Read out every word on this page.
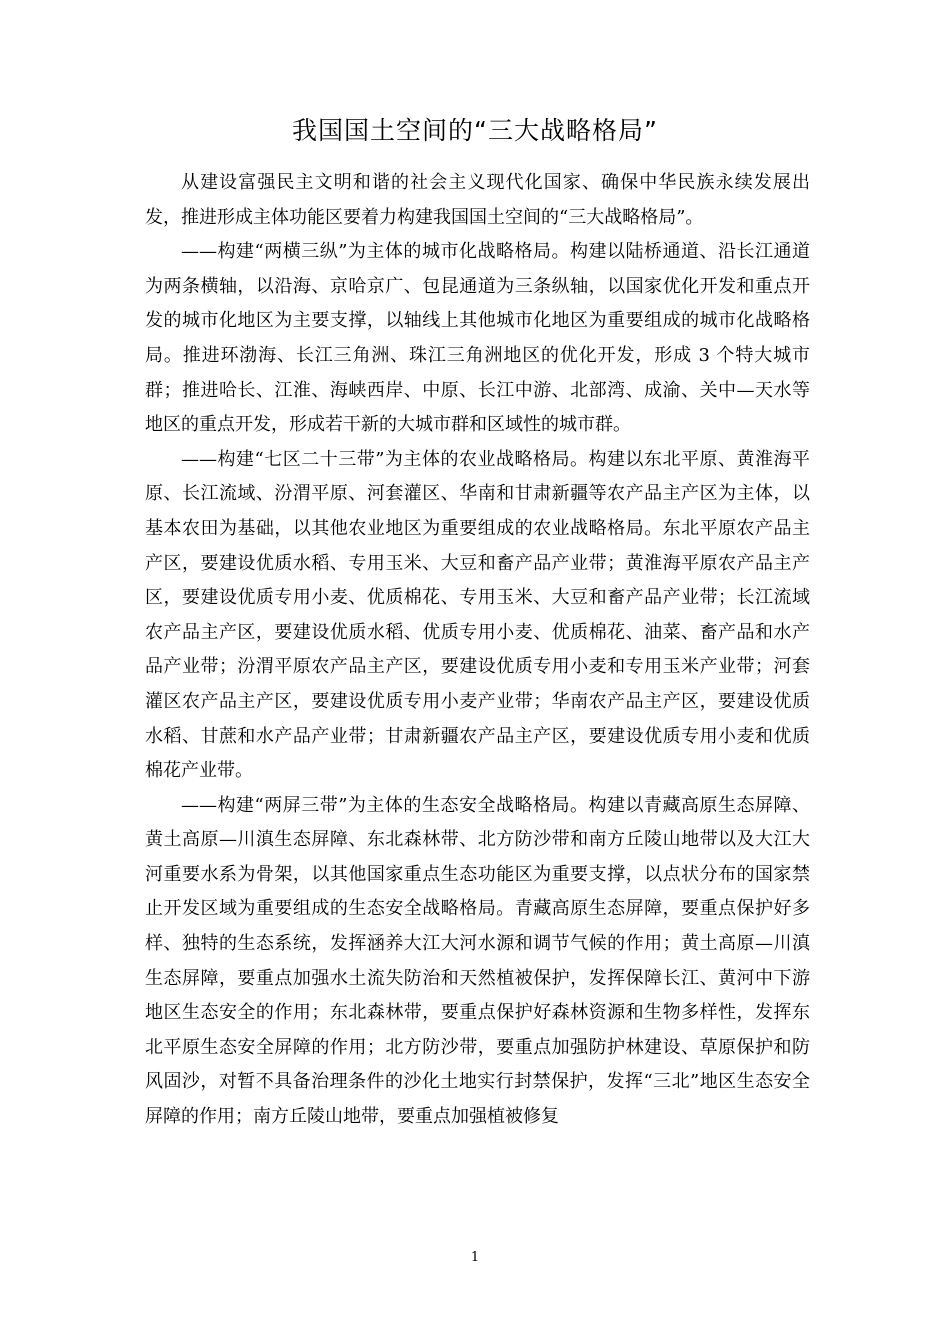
我国国土空间的“三大战略格局”

从建设富强民主文明和谐的社会主义现代化国家、确保中华民族永续发展出发，推进形成主体功能区要着力构建我国国土空间的“三大战略格局”。

——构建“两横三纵”为主体的城市化战略格局。构建以陆桥通道、沿长江通道为两条横轴，以沿海、京哈京广、包昆通道为三条纵轴，以国家优化开发和重点开发的城市化地区为主要支撑，以轴线上其他城市化地区为重要组成的城市化战略格局。推进环渤海、长江三角洲、珠江三角洲地区的优化开发，形成 3 个特大城市群；推进哈长、江淮、海峡西岸、中原、长江中游、北部湾、成渝、关中—天水等地区的重点开发，形成若干新的大城市群和区域性的城市群。

——构建“七区二十三带”为主体的农业战略格局。构建以东北平原、黄淮海平原、长江流域、汾渭平原、河套灌区、华南和甘肃新疆等农产品主产区为主体，以基本农田为基础，以其他农业地区为重要组成的农业战略格局。东北平原农产品主产区，要建设优质水稻、专用玉米、大豆和畜产品产业带；黄淮海平原农产品主产区，要建设优质专用小麦、优质棉花、专用玉米、大豆和畜产品产业带；长江流域农产品主产区，要建设优质水稻、优质专用小麦、优质棉花、油菜、畜产品和水产品产业带；汾渭平原农产品主产区，要建设优质专用小麦和专用玉米产业带；河套灌区农产品主产区，要建设优质专用小麦产业带；华南农产品主产区，要建设优质水稻、甘蔗和水产品产业带；甘肃新疆农产品主产区，要建设优质专用小麦和优质棉花产业带。

——构建“两屏三带”为主体的生态安全战略格局。构建以青藏高原生态屏障、黄土高原—川滇生态屏障、东北森林带、北方防沙带和南方丘陵山地带以及大江大河重要水系为骨架，以其他国家重点生态功能区为重要支撑，以点状分布的国家禁止开发区域为重要组成的生态安全战略格局。青藏高原生态屏障，要重点保护好多样、独特的生态系统，发挥涵养大江大河水源和调节气候的作用；黄土高原—川滇生态屏障，要重点加强水土流失防治和天然植被保护，发挥保障长江、黄河中下游地区生态安全的作用；东北森林带，要重点保护好森林资源和生物多样性，发挥东北平原生态安全屏障的作用；北方防沙带，要重点加强防护林建设、草原保护和防风固沙，对暂不具备治理条件的沙化土地实行封禁保护，发挥“三北”地区生态安全屏障的作用；南方丘陵山地带，要重点加强植被修复

1
